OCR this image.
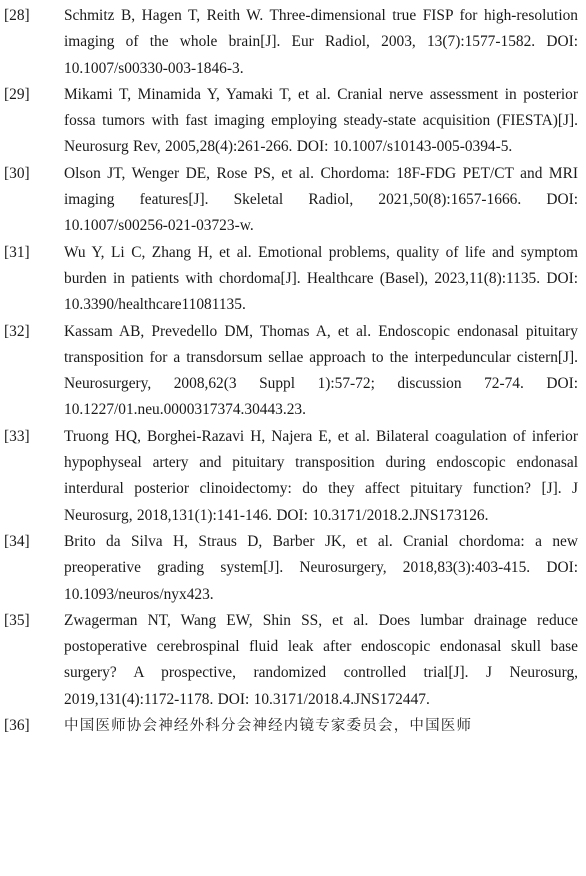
[28]	Schmitz B, Hagen T, Reith W. Three-dimensional true FISP for high-resolution imaging of the whole brain[J]. Eur Radiol, 2003, 13(7):1577-1582. DOI: 10.1007/s00330-003-1846-3.
[29]	Mikami T, Minamida Y, Yamaki T, et al. Cranial nerve assessment in posterior fossa tumors with fast imaging employing steady-state acquisition (FIESTA)[J]. Neurosurg Rev, 2005,28(4):261-266. DOI: 10.1007/s10143-005-0394-5.
[30]	Olson JT, Wenger DE, Rose PS, et al. Chordoma: 18F-FDG PET/CT and MRI imaging features[J]. Skeletal Radiol, 2021,50(8):1657-1666. DOI: 10.1007/s00256-021-03723-w.
[31]	Wu Y, Li C, Zhang H, et al. Emotional problems, quality of life and symptom burden in patients with chordoma[J]. Healthcare (Basel), 2023,11(8):1135. DOI: 10.3390/healthcare11081135.
[32]	Kassam AB, Prevedello DM, Thomas A, et al. Endoscopic endonasal pituitary transposition for a transdorsum sellae approach to the interpeduncular cistern[J]. Neurosurgery, 2008,62(3 Suppl 1):57-72; discussion 72-74. DOI: 10.1227/01.neu.0000317374.30443.23.
[33]	Truong HQ, Borghei-Razavi H, Najera E, et al. Bilateral coagulation of inferior hypophyseal artery and pituitary transposition during endoscopic endonasal interdural posterior clinoidectomy: do they affect pituitary function? [J]. J Neurosurg, 2018,131(1):141-146. DOI: 10.3171/2018.2.JNS173126.
[34]	Brito da Silva H, Straus D, Barber JK, et al. Cranial chordoma: a new preoperative grading system[J]. Neurosurgery, 2018,83(3):403-415. DOI: 10.1093/neuros/nyx423.
[35]	Zwagerman NT, Wang EW, Shin SS, et al. Does lumbar drainage reduce postoperative cerebrospinal fluid leak after endoscopic endonasal skull base surgery? A prospective, randomized controlled trial[J]. J Neurosurg, 2019,131(4):1172-1178. DOI: 10.3171/2018.4.JNS172447.
[36]	中国医师协会神经外科分会神经内镜专家委员会，中国医师
